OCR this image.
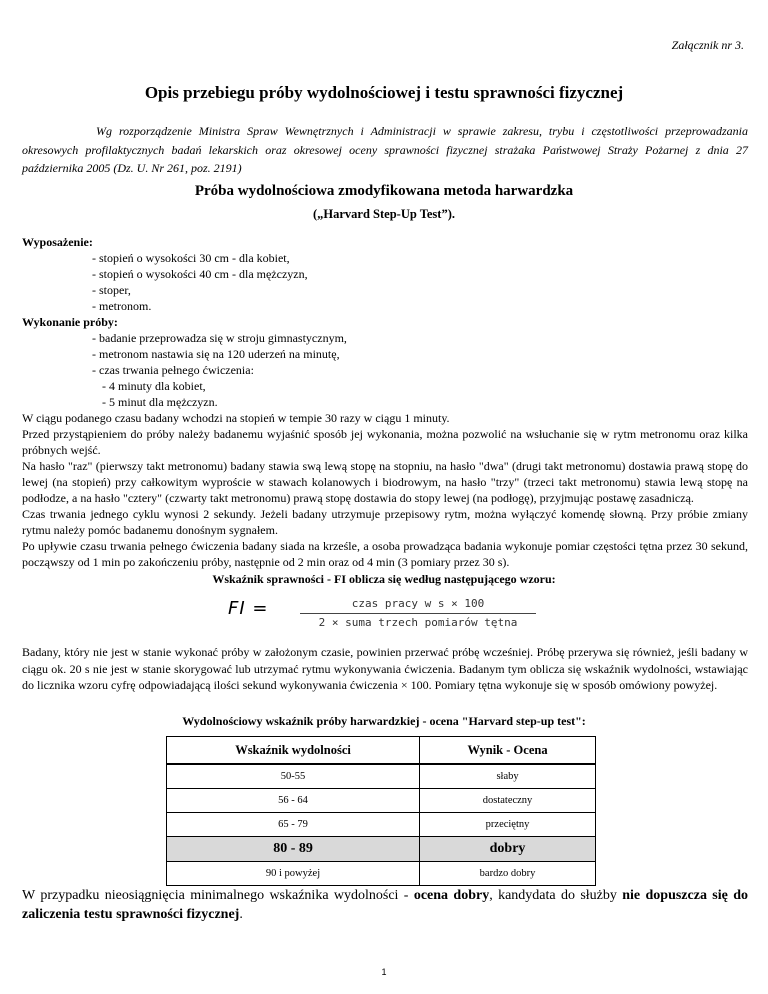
Załącznik nr 3.
Opis przebiegu próby wydolnościowej i testu sprawności fizycznej
Wg rozporządzenie Ministra Spraw Wewnętrznych i Administracji w sprawie zakresu, trybu i częstotliwości przeprowadzania okresowych profilaktycznych badań lekarskich oraz okresowej oceny sprawności fizycznej strażaka Państwowej Straży Pożarnej z dnia 27 października 2005 (Dz. U. Nr 261, poz. 2191)
Próba wydolnościowa zmodyfikowana metoda harwardzka
(„Harvard Step-Up Test”).

Wyposażenie:

- stopień o wysokości 30 cm - dla kobiet,

- stopień o wysokości 40 cm - dla mężczyzn,

- stoper,

- metronom.

Wykonanie próby:

- badanie przeprowadza się w stroju gimnastycznym,

- metronom nastawia się na 120 uderzeń na minutę,

- czas trwania pełnego ćwiczenia:

- 4 minuty dla kobiet,

- 5 minut dla mężczyzn.

W ciągu podanego czasu badany wchodzi na stopień w tempie 30 razy w ciągu 1 minuty.

Przed przystąpieniem do próby należy badanemu wyjaśnić sposób jej wykonania, można pozwolić na wsłuchanie się w rytm metronomu oraz kilka próbnych wejść.

Na hasło "raz" (pierwszy takt metronomu) badany stawia swą lewą stopę na stopniu, na hasło "dwa" (drugi takt metronomu) dostawia prawą stopę do lewej (na stopień) przy całkowitym wyproście w stawach kolanowych i biodrowym, na hasło "trzy" (trzeci takt metronomu) stawia lewą stopę na podłodze, a na hasło "cztery" (czwarty takt metronomu) prawą stopę dostawia do stopy lewej (na podłogę), przyjmując postawę zasadniczą.

Czas trwania jednego cyklu wynosi 2 sekundy. Jeżeli badany utrzymuje przepisowy rytm, można wyłączyć komendę słowną. Przy próbie zmiany rytmu należy pomóc badanemu donośnym sygnałem.

Po upływie czasu trwania pełnego ćwiczenia badany siada na krześle, a osoba prowadząca badania wykonuje pomiar częstości tętna przez 30 sekund, począwszy od 1 min po zakończeniu próby, następnie od 2 min oraz od 4 min (3 pomiary przez 30 s).

Wskaźnik sprawności - FI oblicza się według następującego wzoru:
FI =	czas pracy w s × 100
2 × suma trzech pomiarów tętna
Badany, który nie jest w stanie wykonać próby w założonym czasie, powinien przerwać próbę wcześniej. Próbę przerywa się również, jeśli badany w ciągu ok. 20 s nie jest w stanie skorygować lub utrzymać rytmu wykonywania ćwiczenia. Badanym tym oblicza się wskaźnik wydolności, wstawiając do licznika wzoru cyfrę odpowiadającą ilości sekund wykonywania ćwiczenia × 100. Pomiary tętna wykonuje się w sposób omówiony powyżej.
Wydolnościowy wskaźnik próby harwardzkiej - ocena "Harvard step-up test":
Wskaźnik wydolności	Wynik - Ocena
50-55	słaby
56 - 64	dostateczny
65 - 79	przeciętny
80 - 89	dobry
90 i powyżej	bardzo dobry
W przypadku nieosiągnięcia minimalnego wskaźnika wydolności - ocena dobry, kandydata do służby nie dopuszcza się do zaliczenia testu sprawności fizycznej.
1
